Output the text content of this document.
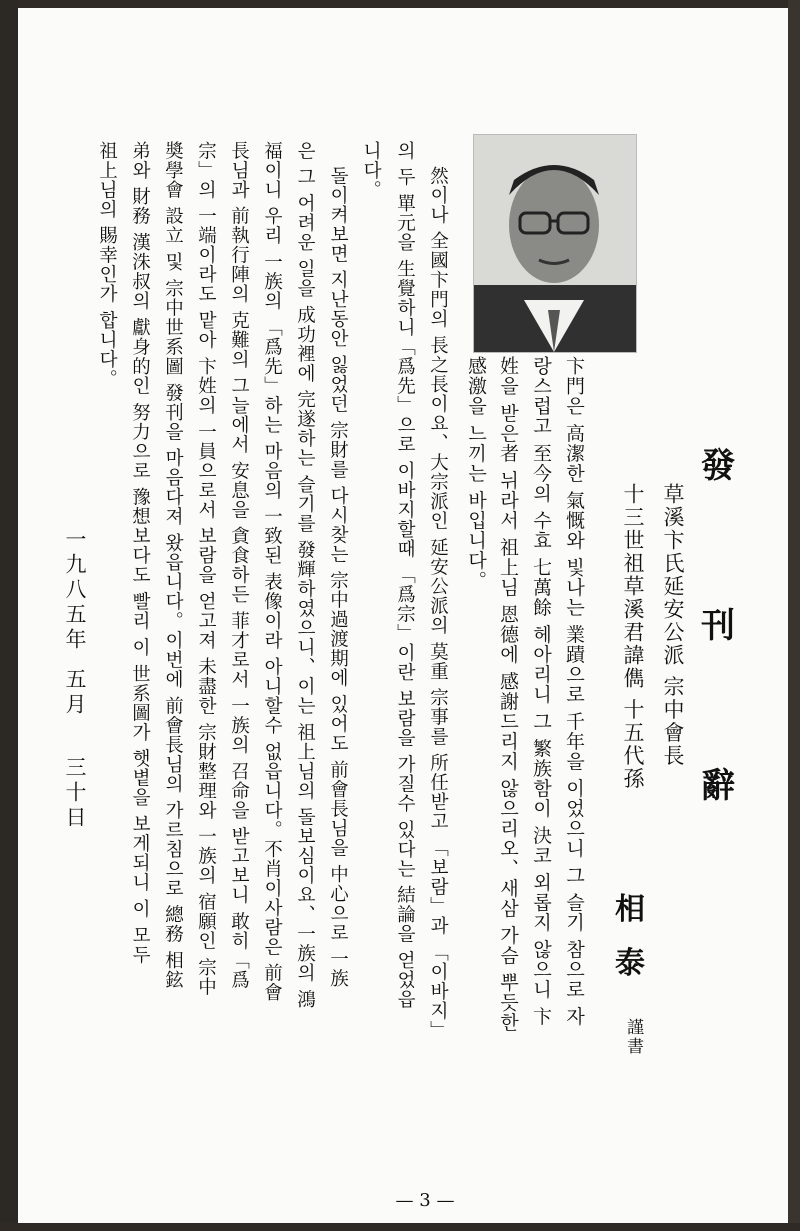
發
刊
辭
草溪卞氏延安公派 宗中會長
十三世祖草溪君諱儁 十五代孫
相
泰
謹書
卞門은 高潔한 氣慨와 빛나는 業蹟으로 千年을 이었으니 그 슬기 참으로 자
랑스럽고 至今의 수효 七萬餘 헤아리니 그 繁族함이 決코 외롭지 않으니 卞
姓을 받은者 뉘라서 祖上님 恩德에 感謝드리지 않으리오、새삼 가슴 뿌듯한
感激을 느끼는 바입니다。
然이나 全國卞門의 長之長이요、大宗派인 延安公派의 莫重 宗事를 所任받고 「보람」과 「이바지」
의 두 單元을 生覺하니「爲先」으로 이바지할때 「爲宗」이란 보람을 가질수 있다는 結論을 얻었읍
니다。
돌이켜보면 지난동안 잃었던 宗財를 다시찾는 宗中過渡期에 있어도 前會長님을 中心으로 一族
은 그 어려운 일을 成功裡에 完遂하는 슬기를 發輝하였으니、이는 祖上님의 돌보심이요、一族의 鴻
福이니 우리 一族의 「爲先」하는 마음의 一致된 表像이라 아니할수 없읍니다。不肖이사람은 前會
長님과 前執行陣의 克難의 그늘에서 安息을 貪食하든 菲才로서 一族의 召命을 받고보니 敢히「爲
宗」의 一端이라도 맡아 卞姓의 一員으로서 보람을 얻고져 未盡한 宗財整理와 一族의 宿願인 宗中
奬學會 設立 및 宗中世系圖 發刊을 마음다져 왔읍니다。이번에 前會長님의 가르침으로 總務 相鉉
弟와 財務 漢洙叔의 獻身的인 努力으로 豫想보다도 빨리 이 世系圖가 햇볕을 보게되니 이 모두
祖上님의 賜幸인가 합니다。
一九八五年
五月
三十日
— 3 —
